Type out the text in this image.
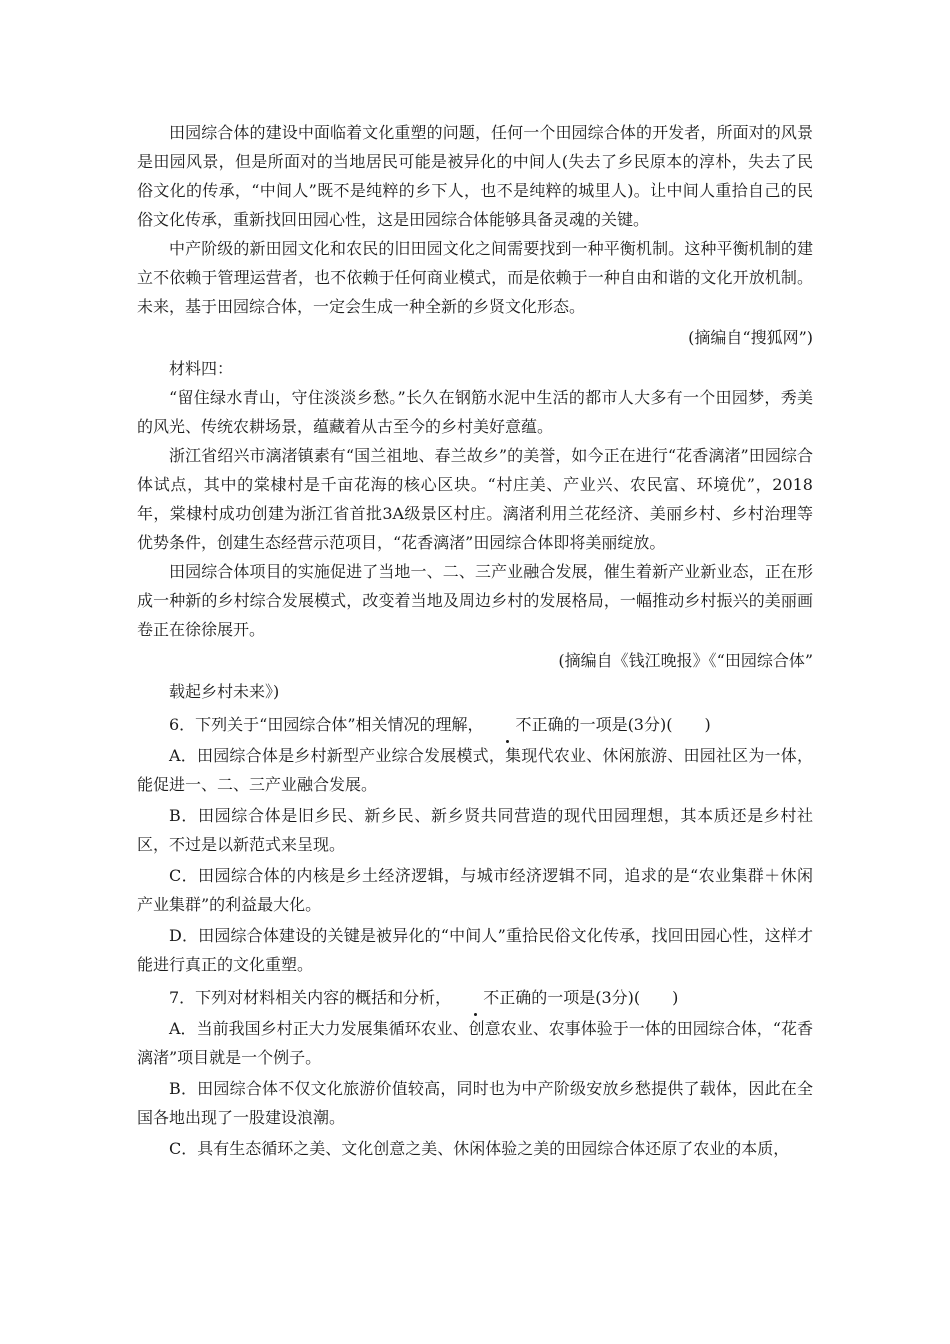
田园综合体的建设中面临着文化重塑的问题，任何一个田园综合体的开发者，所面对的风景是田园风景，但是所面对的当地居民可能是被异化的中间人(失去了乡民原本的淳朴，失去了民俗文化的传承，“中间人”既不是纯粹的乡下人，也不是纯粹的城里人)。让中间人重拾自己的民俗文化传承，重新找回田园心性，这是田园综合体能够具备灵魂的关键。

中产阶级的新田园文化和农民的旧田园文化之间需要找到一种平衡机制。这种平衡机制的建立不依赖于管理运营者，也不依赖于任何商业模式，而是依赖于一种自由和谐的文化开放机制。未来，基于田园综合体，一定会生成一种全新的乡贤文化形态。

(摘编自“搜狐网”)

材料四：

“留住绿水青山，守住淡淡乡愁。”长久在钢筋水泥中生活的都市人大多有一个田园梦，秀美的风光、传统农耕场景，蕴藏着从古至今的乡村美好意蕴。

浙江省绍兴市漓渚镇素有“国兰祖地、春兰故乡”的美誉，如今正在进行“花香漓渚”田园综合体试点，其中的棠棣村是千亩花海的核心区块。“村庄美、产业兴、农民富、环境优”，2018年，棠棣村成功创建为浙江省首批3A级景区村庄。漓渚利用兰花经济、美丽乡村、乡村治理等优势条件，创建生态经营示范项目，“花香漓渚”田园综合体即将美丽绽放。

田园综合体项目的实施促进了当地一、二、三产业融合发展，催生着新产业新业态，正在形成一种新的乡村综合发展模式，改变着当地及周边乡村的发展格局，一幅推动乡村振兴的美丽画卷正在徐徐展开。

(摘编自《钱江晚报》《“田园综合体”

载起乡村未来》)

6．下列关于“田园综合体”相关情况的理解， 不正确的一项是(3分)(　　)

A．田园综合体是乡村新型产业综合发展模式，集现代农业、休闲旅游、田园社区为一体，能促进一、二、三产业融合发展。

B．田园综合体是旧乡民、新乡民、新乡贤共同营造的现代田园理想，其本质还是乡村社区，不过是以新范式来呈现。

C．田园综合体的内核是乡土经济逻辑，与城市经济逻辑不同，追求的是“农业集群＋休闲产业集群”的利益最大化。

D．田园综合体建设的关键是被异化的“中间人”重拾民俗文化传承，找回田园心性，这样才能进行真正的文化重塑。

7．下列对材料相关内容的概括和分析， 不正确的一项是(3分)(　　)

A．当前我国乡村正大力发展集循环农业、创意农业、农事体验于一体的田园综合体，“花香漓渚”项目就是一个例子。

B．田园综合体不仅文化旅游价值较高，同时也为中产阶级安放乡愁提供了载体，因此在全国各地出现了一股建设浪潮。

C．具有生态循环之美、文化创意之美、休闲体验之美的田园综合体还原了农业的本质，
